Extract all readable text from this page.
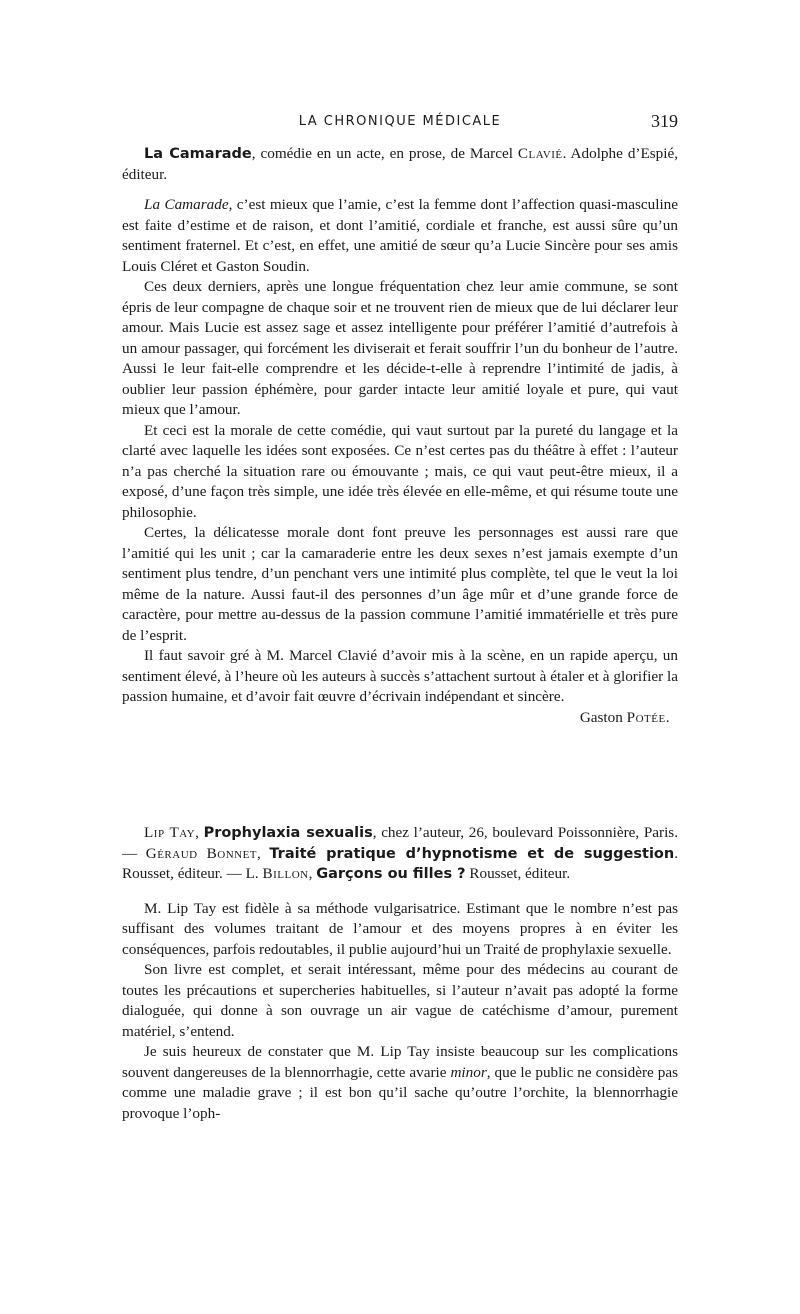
LA CHRONIQUE MÉDICALE	319

La Camarade, comédie en un acte, en prose, de Marcel Clavié. Adolphe d’Espié, éditeur.

La Camarade, c’est mieux que l’amie, c’est la femme dont l’affection quasi-masculine est faite d’estime et de raison, et dont l’amitié, cordiale et franche, est aussi sûre qu’un sentiment fraternel. Et c’est, en effet, une amitié de sœur qu’a Lucie Sincère pour ses amis Louis Cléret et Gaston Soudin.

Ces deux derniers, après une longue fréquentation chez leur amie commune, se sont épris de leur compagne de chaque soir et ne trouvent rien de mieux que de lui déclarer leur amour. Mais Lucie est assez sage et assez intelligente pour préférer l’amitié d’autrefois à un amour passager, qui forcément les diviserait et ferait souffrir l’un du bonheur de l’autre. Aussi le leur fait-elle comprendre et les décide-t-elle à reprendre l’intimité de jadis, à oublier leur passion éphémère, pour garder intacte leur amitié loyale et pure, qui vaut mieux que l’amour.

Et ceci est la morale de cette comédie, qui vaut surtout par la pureté du langage et la clarté avec laquelle les idées sont exposées. Ce n’est certes pas du théâtre à effet : l’auteur n’a pas cherché la situation rare ou émouvante ; mais, ce qui vaut peut-être mieux, il a exposé, d’une façon très simple, une idée très élevée en elle-même, et qui résume toute une philosophie.

Certes, la délicatesse morale dont font preuve les personnages est aussi rare que l’amitié qui les unit ; car la camaraderie entre les deux sexes n’est jamais exempte d’un sentiment plus tendre, d’un penchant vers une intimité plus complète, tel que le veut la loi même de la nature. Aussi faut-il des personnes d’un âge mûr et d’une grande force de caractère, pour mettre au-dessus de la passion commune l’amitié immatérielle et très pure de l’esprit.

Il faut savoir gré à M. Marcel Clavié d’avoir mis à la scène, en un rapide aperçu, un sentiment élevé, à l’heure où les auteurs à succès s’attachent surtout à étaler et à glorifier la passion humaine, et d’avoir fait œuvre d’écrivain indépendant et sincère.

Gaston Potée.

Lip Tay, Prophylaxia sexualis, chez l’auteur, 26, boulevard Poissonnière, Paris. — Géraud Bonnet, Traité pratique d’hypnotisme et de suggestion. Rousset, éditeur. — L. Billon, Garçons ou filles ? Rousset, éditeur.

M. Lip Tay est fidèle à sa méthode vulgarisatrice. Estimant que le nombre n’est pas suffisant des volumes traitant de l’amour et des moyens propres à en éviter les conséquences, parfois redoutables, il publie aujourd’hui un Traité de prophylaxie sexuelle.

Son livre est complet, et serait intéressant, même pour des médecins au courant de toutes les précautions et supercheries habituelles, si l’auteur n’avait pas adopté la forme dialoguée, qui donne à son ouvrage un air vague de catéchisme d’amour, purement matériel, s’entend.

Je suis heureux de constater que M. Lip Tay insiste beaucoup sur les complications souvent dangereuses de la blennorrhagie, cette avarie minor, que le public ne considère pas comme une maladie grave ; il est bon qu’il sache qu’outre l’orchite, la blennorrhagie provoque l’oph-
